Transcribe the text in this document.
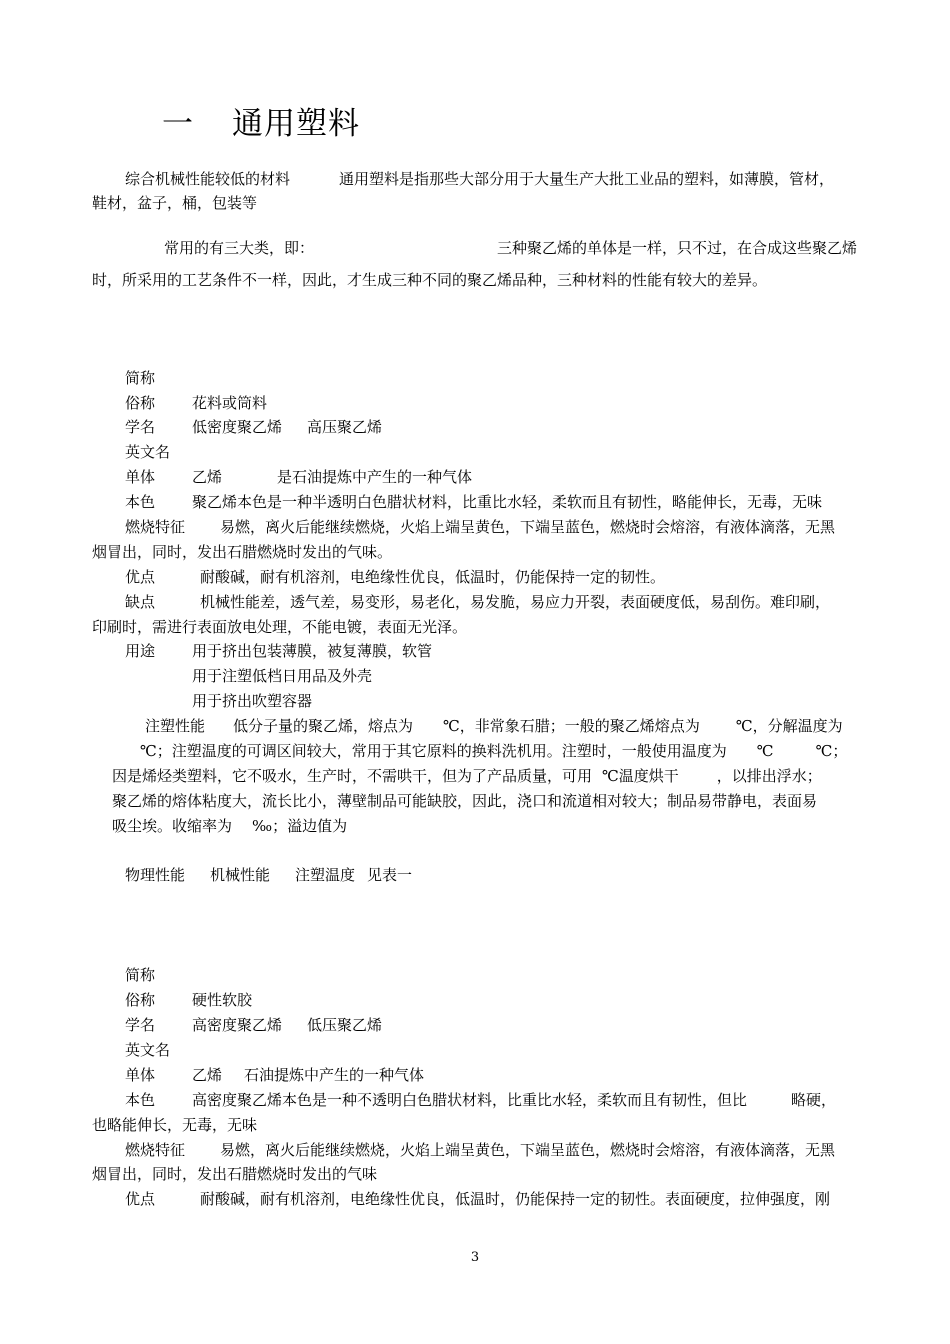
一 通用塑料
综合机械性能较低的材料	通用塑料是指那些大部分用于大量生产大批工业品的塑料，如薄膜，管材，
鞋材，盆子，桶，包装等
常用的有三大类，即：	三种聚乙烯的单体是一样，只不过，在合成这些聚乙烯
时，所采用的工艺条件不一样，因此，才生成三种不同的聚乙烯品种，三种材料的性能有较大的差异。
简称
俗称 花料或筒料
学名 低密度聚乙烯 高压聚乙烯
英文名
单体 乙烯	是石油提炼中产生的一种气体
本色 聚乙烯本色是一种半透明白色腊状材料，比重比水轻，柔软而且有韧性，略能伸长，无毒，无味
燃烧特征 易燃，离火后能继续燃烧，火焰上端呈黄色，下端呈蓝色，燃烧时会熔溶，有液体滴落，无黑
烟冒出，同时，发出石腊燃烧时发出的气味。
优点	耐酸碱，耐有机溶剂，电绝缘性优良，低温时，仍能保持一定的韧性。
缺点	机械性能差，透气差，易变形，易老化，易发脆，易应力开裂，表面硬度低，易刮伤。难印刷，
印刷时，需进行表面放电处理，不能电镀，表面无光泽。
用途 用于挤出包装薄膜，被复薄膜，软管
用于注塑低档日用品及外壳
用于挤出吹塑容器
注塑性能 低分子量的聚乙烯，熔点为 ℃，非常象石腊；一般的聚乙烯熔点为 ℃，分解温度为
℃；注塑温度的可调区间较大，常用于其它原料的换料洗机用。注塑时，一般使用温度为 ℃	℃；
因是烯烃类塑料，它不吸水，生产时，不需哄干，但为了产品质量，可用 ℃温度烘干	，以排出浮水；
聚乙烯的熔体粘度大，流长比小，薄壁制品可能缺胶，因此，浇口和流道相对较大；制品易带静电，表面易
吸尘埃。收缩率为 ‰；溢边值为
物理性能 机械性能 注塑温度 见表一
简称
俗称 硬性软胶
学名 高密度聚乙烯 低压聚乙烯
英文名
单体 乙烯 石油提炼中产生的一种气体
本色 高密度聚乙烯本色是一种不透明白色腊状材料，比重比水轻，柔软而且有韧性，但比	略硬，
也略能伸长，无毒，无味
燃烧特征 易燃，离火后能继续燃烧，火焰上端呈黄色，下端呈蓝色，燃烧时会熔溶，有液体滴落，无黑
烟冒出，同时，发出石腊燃烧时发出的气味
优点	耐酸碱，耐有机溶剂，电绝缘性优良，低温时，仍能保持一定的韧性。表面硬度，拉伸强度，刚
3
